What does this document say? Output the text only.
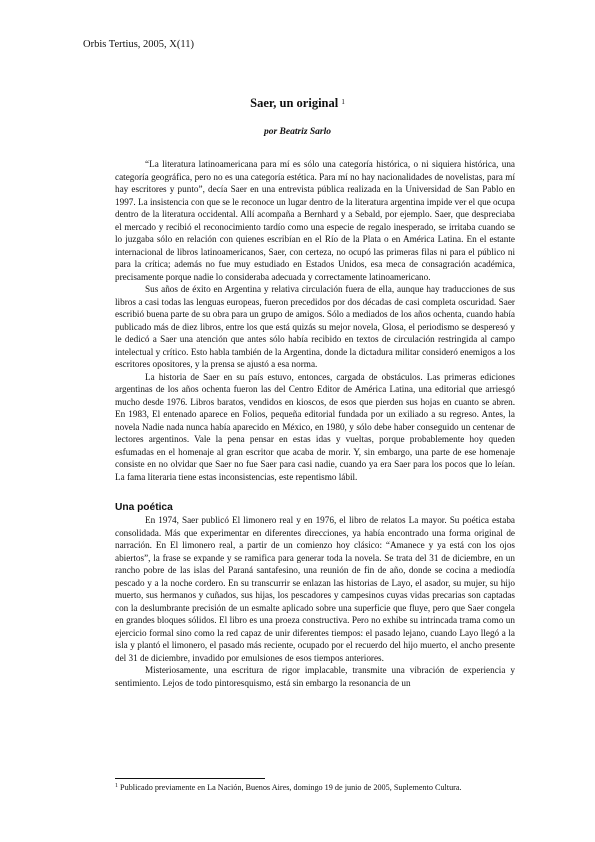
Orbis Tertius, 2005, X(11)
Saer, un original $^1$
por Beatriz Sarlo

“La literatura latinoamericana para mí es sólo una categoría histórica, o ni siquiera histórica, una categoría geográfica, pero no es una categoría estética. Para mí no hay nacionalidades de novelistas, para mí hay escritores y punto”, decía Saer en una entrevista pública realizada en la Universidad de San Pablo en 1997. La insistencia con que se le reconoce un lugar dentro de la literatura argentina impide ver el que ocupa dentro de la literatura occidental. Allí acompaña a Bernhard y a Sebald, por ejemplo. Saer, que despreciaba el mercado y recibió el reconocimiento tardío como una especie de regalo inesperado, se irritaba cuando se lo juzgaba sólo en relación con quienes escribían en el Río de la Plata o en América Latina. En el estante internacional de libros latinoamericanos, Saer, con certeza, no ocupó las primeras filas ni para el público ni para la crítica; además no fue muy estudiado en Estados Unidos, esa meca de consagración académica, precisamente porque nadie lo consideraba adecuada y correctamente latinoamericano.

Sus años de éxito en Argentina y relativa circulación fuera de ella, aunque hay traducciones de sus libros a casi todas las lenguas europeas, fueron precedidos por dos décadas de casi completa oscuridad. Saer escribió buena parte de su obra para un grupo de amigos. Sólo a mediados de los años ochenta, cuando había publicado más de diez libros, entre los que está quizás su mejor novela, Glosa, el periodismo se despereзó y le dedicó a Saer una atención que antes sólo había recibido en textos de circulación restringida al campo intelectual y crítico. Esto habla también de la Argentina, donde la dictadura militar consideró enemigos a los escritores opositores, y la prensa se ajustó a esa norma.

La historia de Saer en su país estuvo, entonces, cargada de obstáculos. Las primeras ediciones argentinas de los años ochenta fueron las del Centro Editor de América Latina, una editorial que arriesgó mucho desde 1976. Libros baratos, vendidos en kioscos, de esos que pierden sus hojas en cuanto se abren. En 1983, El entenado aparece en Folios, pequeña editorial fundada por un exiliado a su regreso. Antes, la novela Nadie nada nunca había aparecido en México, en 1980, y sólo debe haber conseguido un centenar de lectores argentinos. Vale la pena pensar en estas idas y vueltas, porque probablemente hoy queden esfumadas en el homenaje al gran escritor que acaba de morir. Y, sin embargo, una parte de ese homenaje consiste en no olvidar que Saer no fue Saer para casi nadie, cuando ya era Saer para los pocos que lo leían. La fama literaria tiene estas inconsistencias, este repentismo lábil.

Una poética

En 1974, Saer publicó El limonero real y en 1976, el libro de relatos La mayor. Su poética estaba consolidada. Más que experimentar en diferentes direcciones, ya había encontrado una forma original de narración. En El limonero real, a partir de un comienzo hoy clásico: “Amanece y ya está con los ojos abiertos”, la frase se expande y se ramifica para generar toda la novela. Se trata del 31 de diciembre, en un rancho pobre de las islas del Paraná santafesino, una reunión de fin de año, donde se cocina a mediodía pescado y a la noche cordero. En su transcurrir se enlazan las historias de Layo, el asador, su mujer, su hijo muerto, sus hermanos y cuñados, sus hijas, los pescadores y campesinos cuyas vidas precarias son captadas con la deslumbrante precisión de un esmalte aplicado sobre una superficie que fluye, pero que Saer congela en grandes bloques sólidos. El libro es una proeza constructiva. Pero no exhibe su intrincada trama como un ejercicio formal sino como la red capaz de unir diferentes tiempos: el pasado lejano, cuando Layo llegó a la isla y plantó el limonero, el pasado más reciente, ocupado por el recuerdo del hijo muerto, el ancho presente del 31 de diciembre, invadido por emulsiones de esos tiempos anteriores.

Misteriosamente, una escritura de rigor implacable, transmite una vibración de experiencia y sentimiento. Lejos de todo pintoresquismo, está sin embargo la resonancia de un

$^1$ Publicado previamente en La Nación, Buenos Aires, domingo 19 de junio de 2005, Suplemento Cultura.
